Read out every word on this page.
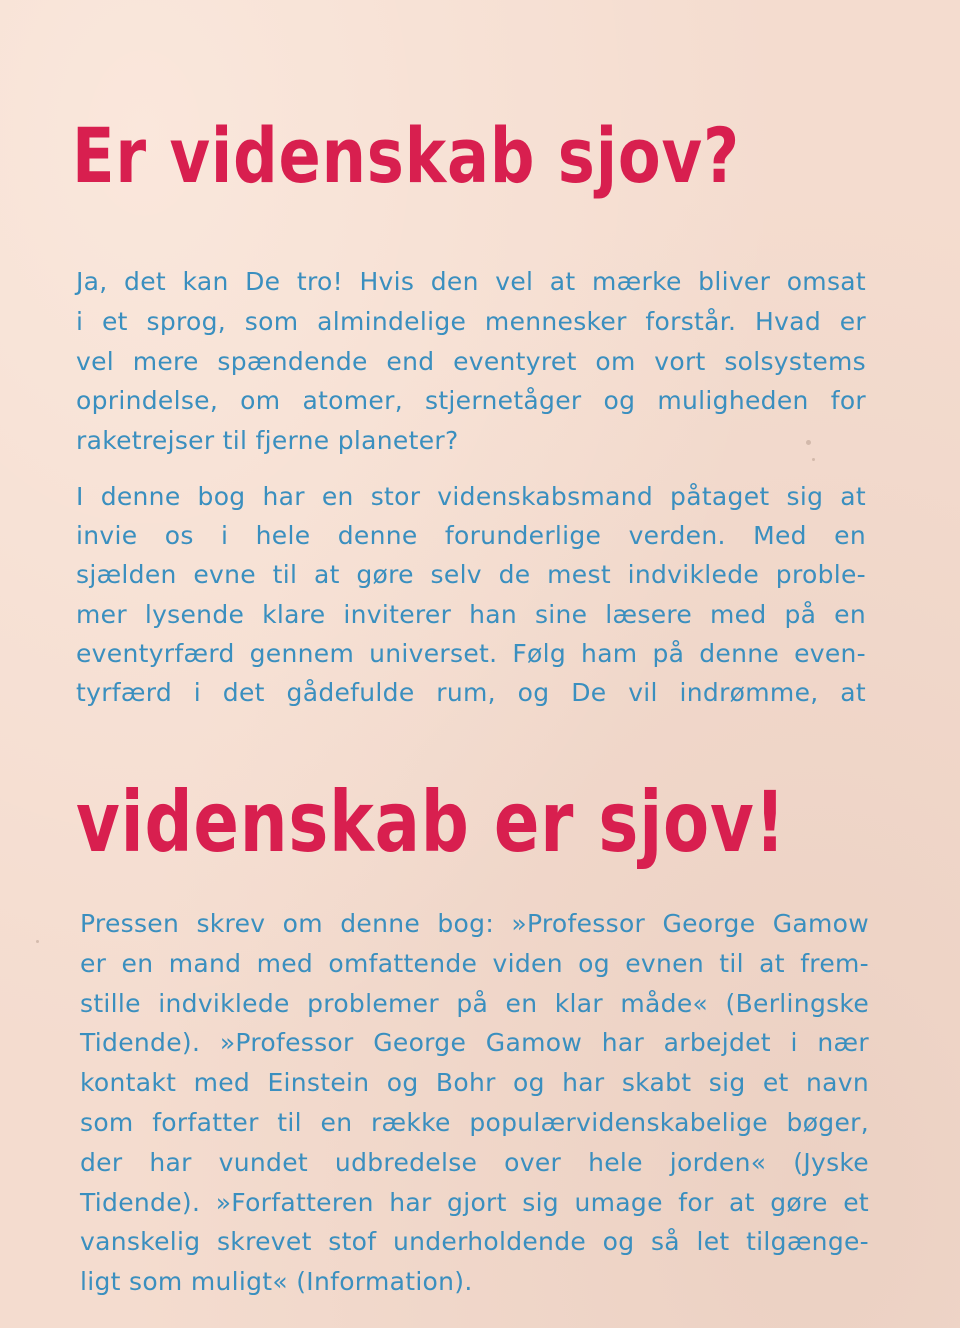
Er videnskab sjov?

Ja, det kan De tro! Hvis den vel at mærke bliver omsat
i et sprog, som almindelige mennesker forstår. Hvad er
vel mere spændende end eventyret om vort solsystems
oprindelse, om atomer, stjernetåger og muligheden for
raketrejser til fjerne planeter?

I denne bog har en stor videnskabsmand påtaget sig at
invie os i hele denne forunderlige verden. Med en
sjælden evne til at gøre selv de mest indviklede proble-
mer lysende klare inviterer han sine læsere med på en
eventyrfærd gennem universet. Følg ham på denne even-
tyrfærd i det gådefulde rum, og De vil indrømme, at

videnskab er sjov!

Pressen skrev om denne bog: »Professor George Gamow
er en mand med omfattende viden og evnen til at frem-
stille indviklede problemer på en klar måde« (Berlingske
Tidende). »Professor George Gamow har arbejdet i nær
kontakt med Einstein og Bohr og har skabt sig et navn
som forfatter til en række populærvidenskabelige bøger,
der har vundet udbredelse over hele jorden« (Jyske
Tidende). »Forfatteren har gjort sig umage for at gøre et
vanskelig skrevet stof underholdende og så let tilgænge-
ligt som muligt« (Information).
